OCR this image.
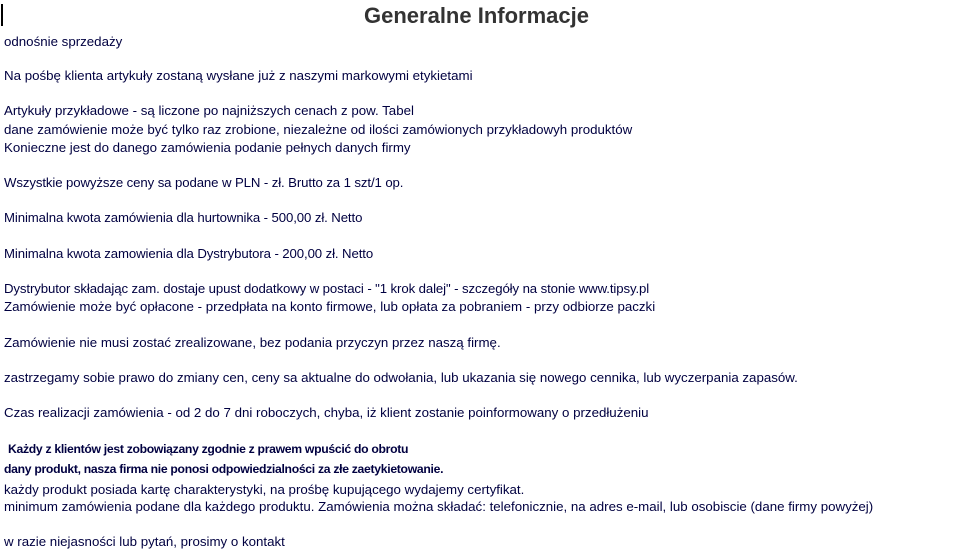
Generalne Informacje
odnośnie sprzedaży
Na pośbę klienta artykuły zostaną wysłane już z naszymi markowymi etykietami
Artykuły przykładowe - są liczone po najniższych cenach z pow. Tabel
dane zamówienie może być tylko raz zrobione, niezależne od ilości zamówionych przykładowyh produktów
Konieczne jest do danego zamówienia podanie pełnych danych firmy
Wszystkie powyższe ceny sa podane w PLN - zł. Brutto za 1 szt/1 op.
Minimalna kwota zamówienia dla hurtownika - 500,00 zł. Netto
Minimalna kwota zamowienia dla Dystrybutora - 200,00 zł. Netto
Dystrybutor składając zam. dostaje upust dodatkowy w postaci - "1 krok dalej" - szczegóły na stonie www.tipsy.pl
Zamówienie może być opłacone - przedpłata na konto firmowe, lub opłata za pobraniem - przy odbiorze paczki
Zamówienie nie musi zostać zrealizowane, bez podania przyczyn przez naszą firmę.
zastrzegamy sobie prawo do zmiany cen, ceny sa aktualne do odwołania, lub ukazania się nowego cennika, lub wyczerpania zapasów.
Czas realizacji zamówienia - od 2 do 7 dni roboczych, chyba, iż klient zostanie poinformowany o przedłużeniu
Każdy z klientów jest zobowiązany zgodnie z prawem wpuścić do obrotu
dany produkt, nasza firma nie ponosi odpowiedzialności za złe zaetykietowanie.
każdy produkt posiada kartę charakterystyki, na prośbę kupującego wydajemy certyfikat.
minimum zamówienia podane dla każdego produktu. Zamówienia można składać: telefonicznie, na adres e-mail, lub osobiscie (dane firmy powyżej)
w razie niejasności lub pytań, prosimy o kontakt
